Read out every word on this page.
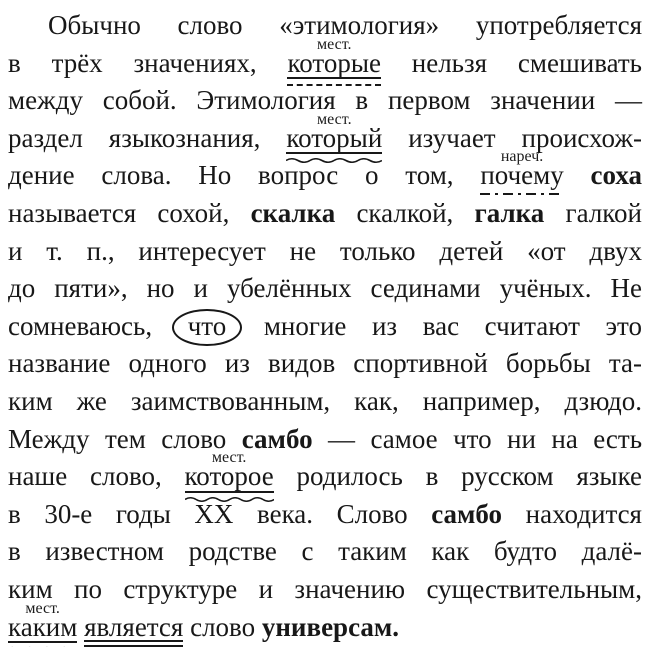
Обычно слово «этимология» употребляется
в трёх значениях,
мест.
которые
нельзя смешивать
между собой. Этимология в первом значении —
раздел языкознания,
мест.
который
изучает происхож-
дение слова. Но вопрос о том,
нареч.
почему
соха
называется сохой, скалка скалкой, галка галкой
и т. п., интересует не только детей «от двух
до пяти», но и убелённых сединами учёных. Не
сомневаюсь, что
многие из вас считают это
название одного из видов спортивной борьбы та-
ким же заимствованным, как, например, дзюдо.
Между тем слово самбо — самое что ни на есть
наше слово,
мест.
которое
родилось в русском языке
в 30-е годы XX века. Слово самбо находится
в известном родстве с таким как будто далё-
ким по структуре и значению существительным,
мест.
каким является
слово универсам.
